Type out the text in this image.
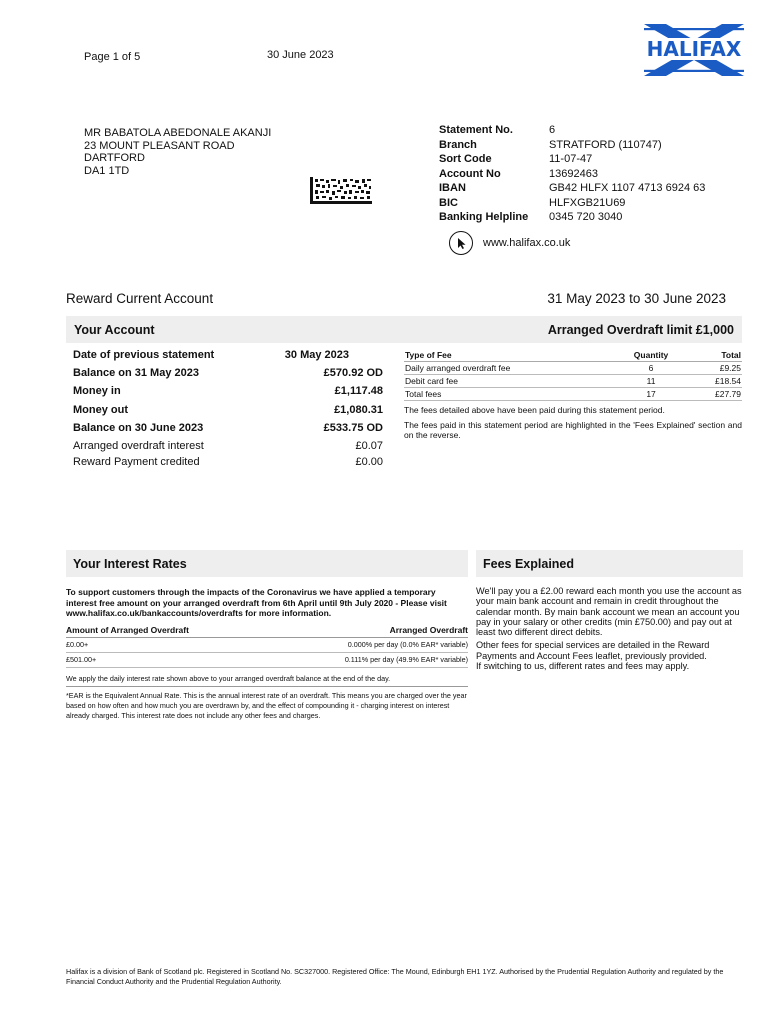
Page 1 of 5	30 June 2023	HALIFAX
MR BABATOLA ABEDONALE AKANJI
23 MOUNT PLEASANT ROAD
DARTFORD
DA1 1TD
Statement No.	6
Branch	STRATFORD (110747)
Sort Code	11-07-47
Account No	13692463
IBAN	GB42 HLFX 1107 4713 6924 63
BIC	HLFXGB21U69
Banking Helpline 0345 720 3040
www.halifax.co.uk
Reward Current Account	31 May 2023 to 30 June 2023
Your Account	Arranged Overdraft limit £1,000
Date of previous statement	30 May 2023
Balance on 31 May 2023	£570.92 OD
Money in	£1,117.48
Money out	£1,080.31
Balance on 30 June 2023	£533.75 OD
Arranged overdraft interest	£0.07
Reward Payment credited	£0.00
Type of Fee	Quantity	Total
Daily arranged overdraft fee	6	£9.25
Debit card fee	11	£18.54
Total fees	17	£27.79

The fees detailed above have been paid during this statement period.

The fees paid in this statement period are highlighted in the 'Fees Explained' section and on the reverse.

Your Interest Rates	Fees Explained
To support customers through the impacts of the Coronavirus we have applied a temporary interest free amount on your arranged overdraft from 6th April until 9th July 2020 - Please visit www.halifax.co.uk/bankaccounts/overdrafts for more information.
Amount of Arranged Overdraft	Arranged Overdraft
£0.00+	0.000% per day (0.0% EAR* variable)
£501.00+	0.111% per day (49.9% EAR* variable)
We apply the daily interest rate shown above to your arranged overdraft balance at the end of the day.
*EAR is the Equivalent Annual Rate. This is the annual interest rate of an overdraft. This means you are charged over the year based on how often and how much you are overdrawn by, and the effect of compounding it - charging interest on interest already charged. This interest rate does not include any other fees and charges.

We'll pay you a £2.00 reward each month you use the account as your main bank account and remain in credit throughout the calendar month. By main bank account we mean an account you pay in your salary or other credits (min £750.00) and pay out at least two different direct debits.

Other fees for special services are detailed in the Reward Payments and Account Fees leaflet, previously provided.

If switching to us, different rates and fees may apply.

Halifax is a division of Bank of Scotland plc. Registered in Scotland No. SC327000. Registered Office: The Mound, Edinburgh EH1 1YZ. Authorised by the Prudential Regulation Authority and regulated by the Financial Conduct Authority and the Prudential Regulation Authority.
